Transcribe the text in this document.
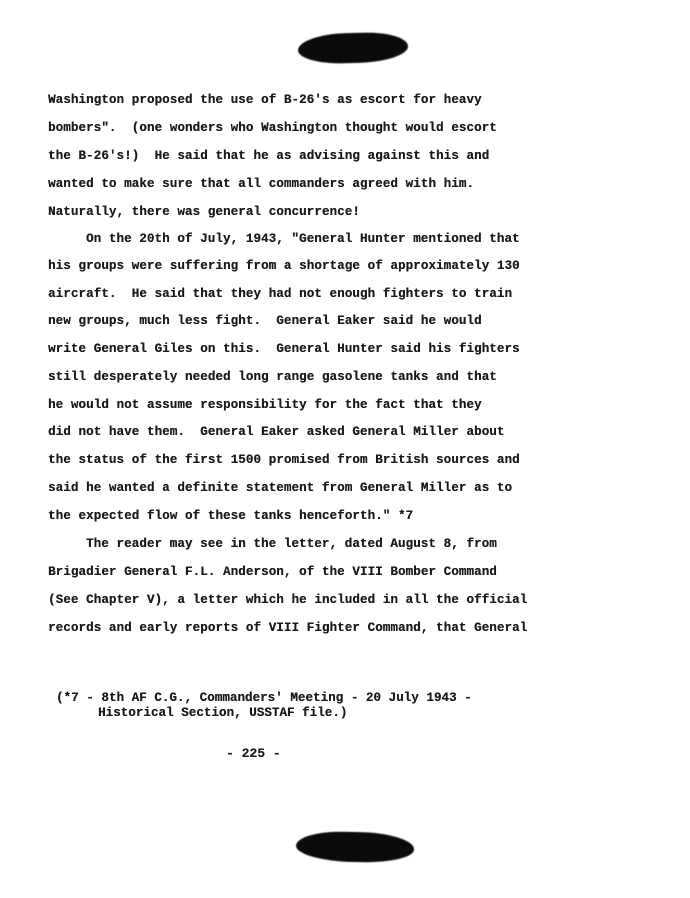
Washington proposed the use of B-26's as escort for heavy
bombers".  (one wonders who Washington thought would escort
the B-26's!)  He said that he as advising against this and
wanted to make sure that all commanders agreed with him.
Naturally, there was general concurrence!
On the 20th of July, 1943, "General Hunter mentioned that
his groups were suffering from a shortage of approximately 130
aircraft.  He said that they had not enough fighters to train
new groups, much less fight.  General Eaker said he would
write General Giles on this.  General Hunter said his fighters
still desperately needed long range gasolene tanks and that
he would not assume responsibility for the fact that they
did not have them.  General Eaker asked General Miller about
the status of the first 1500 promised from British sources and
said he wanted a definite statement from General Miller as to
the expected flow of these tanks henceforth." *7
The reader may see in the letter, dated August 8, from
Brigadier General F.L. Anderson, of the VIII Bomber Command
(See Chapter V), a letter which he included in all the official
records and early reports of VIII Fighter Command, that General
(*7 - 8th AF C.G., Commanders' Meeting - 20 July 1943 -
Historical Section, USSTAF file.)
- 225 -
